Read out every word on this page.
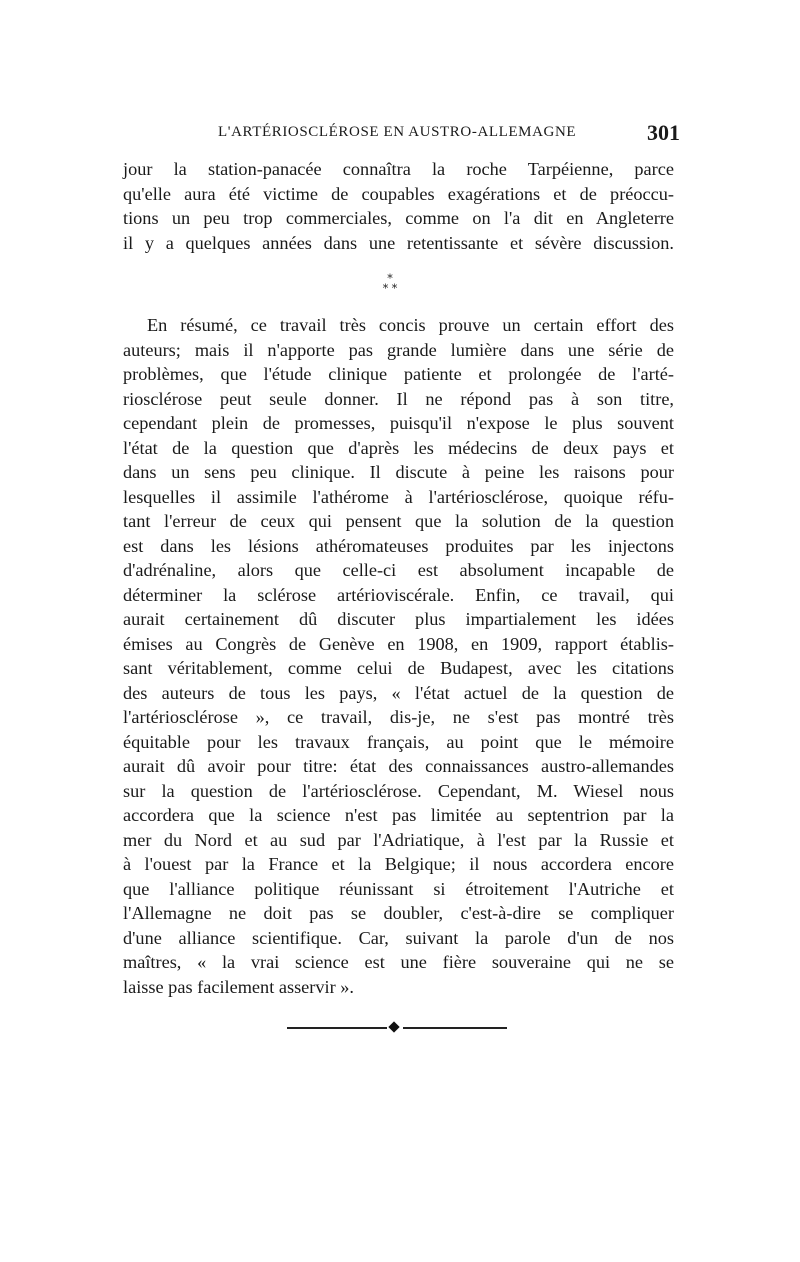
L'ARTÉRIOSCLÉROSE EN AUSTRO-ALLEMAGNE	301
jour la station-panacée connaîtra la roche Tarpéienne, parce
qu'elle aura été victime de coupables exagérations et de préoccu-
tions un peu trop commerciales, comme on l'a dit en Angleterre
il y a quelques années dans une retentissante et sévère discussion.
*
* *
En résumé, ce travail très concis prouve un certain effort des
auteurs; mais il n'apporte pas grande lumière dans une série de
problèmes, que l'étude clinique patiente et prolongée de l'arté-
riosclérose peut seule donner. Il ne répond pas à son titre,
cependant plein de promesses, puisqu'il n'expose le plus souvent
l'état de la question que d'après les médecins de deux pays et
dans un sens peu clinique. Il discute à peine les raisons pour
lesquelles il assimile l'athérome à l'artériosclérose, quoique réfu-
tant l'erreur de ceux qui pensent que la solution de la question
est dans les lésions athéromateuses produites par les injectons
d'adrénaline, alors que celle-ci est absolument incapable de
déterminer la sclérose artérioviscérale. Enfin, ce travail, qui
aurait certainement dû discuter plus impartialement les idées
émises au Congrès de Genève en 1908, en 1909, rapport établis-
sant véritablement, comme celui de Budapest, avec les citations
des auteurs de tous les pays, « l'état actuel de la question de
l'artériosclérose », ce travail, dis-je, ne s'est pas montré très
équitable pour les travaux français, au point que le mémoire
aurait dû avoir pour titre: état des connaissances austro-allemandes
sur la question de l'artériosclérose. Cependant, M. Wiesel nous
accordera que la science n'est pas limitée au septentrion par la
mer du Nord et au sud par l'Adriatique, à l'est par la Russie et
à l'ouest par la France et la Belgique; il nous accordera encore
que l'alliance politique réunissant si étroitement l'Autriche et
l'Allemagne ne doit pas se doubler, c'est-à-dire se compliquer
d'une alliance scientifique. Car, suivant la parole d'un de nos
maîtres, « la vrai science est une fière souveraine qui ne se
laisse pas facilement asservir ».
